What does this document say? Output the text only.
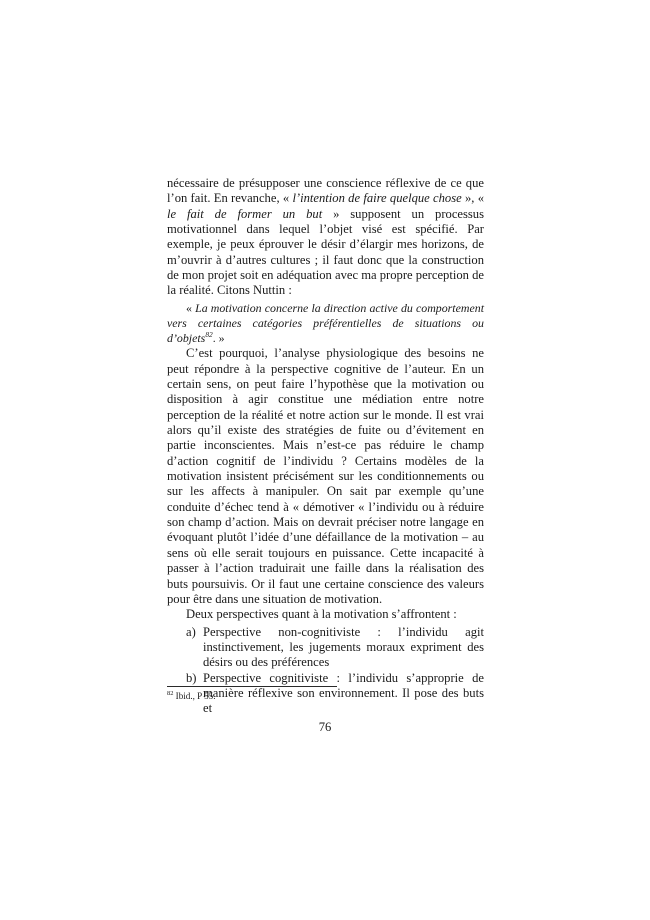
nécessaire de présupposer une conscience réflexive de ce que l’on fait. En revanche, « l’intention de faire quelque chose », « le fait de former un but » supposent un processus motivationnel dans lequel l’objet visé est spécifié. Par exemple, je peux éprouver le désir d’élargir mes horizons, de m’ouvrir à d’autres cultures ; il faut donc que la construction de mon projet soit en adéquation avec ma propre perception de la réalité. Citons Nuttin :

« La motivation concerne la direction active du comportement vers certaines catégories préférentielles de situations ou d’objets$^{82}$. »

C’est pourquoi, l’analyse physiologique des besoins ne peut répondre à la perspective cognitive de l’auteur. En un certain sens, on peut faire l’hypothèse que la motivation ou disposition à agir constitue une médiation entre notre perception de la réalité et notre action sur le monde. Il est vrai alors qu’il existe des stratégies de fuite ou d’évitement en partie inconscientes. Mais n’est-ce pas réduire le champ d’action cognitif de l’individu ? Certains modèles de la motivation insistent précisément sur les conditionnements ou sur les affects à manipuler. On sait par exemple qu’une conduite d’échec tend à « démotiver « l’individu ou à réduire son champ d’action. Mais on devrait préciser notre langage en évoquant plutôt l’idée d’une défaillance de la motivation – au sens où elle serait toujours en puissance. Cette incapacité à passer à l’action traduirait une faille dans la réalisation des buts poursuivis. Or il faut une certaine conscience des valeurs pour être dans une situation de motivation.

Deux perspectives quant à la motivation s’affrontent :

a) Perspective non-cognitiviste : l’individu agit instinctivement, les jugements moraux expriment des désirs ou des préférences
b) Perspective cognitiviste : l’individu s’approprie de manière réflexive son environnement. Il pose des buts et

$^{82}$ Ibid., P 55.

76
